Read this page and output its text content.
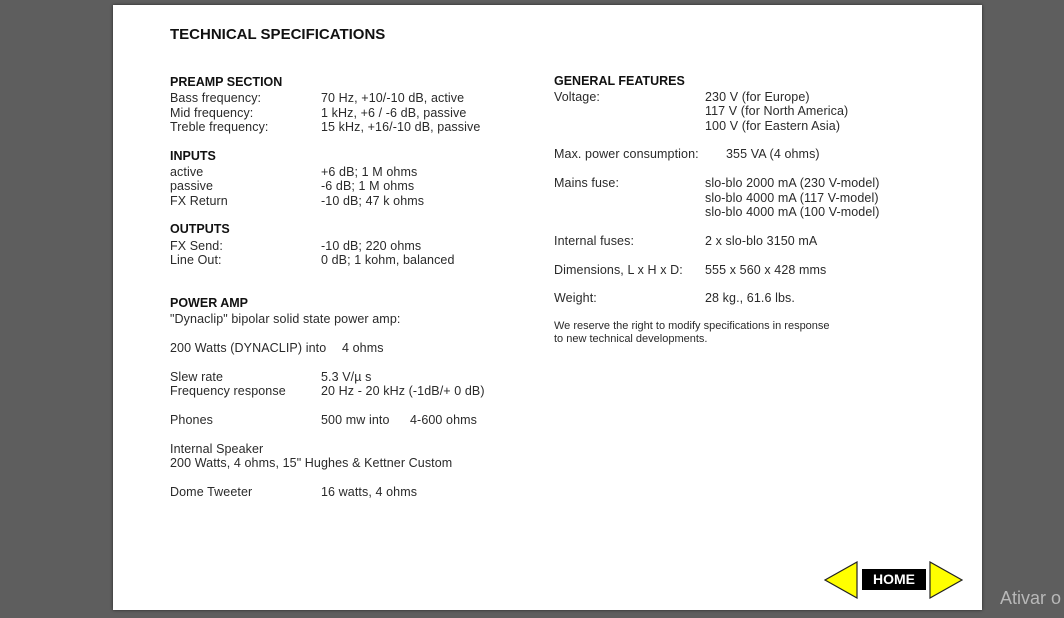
TECHNICAL SPECIFICATIONS
PREAMP SECTION
Bass frequency:	70 Hz, +10/-10 dB, active
Mid frequency:	1 kHz, +6 / -6 dB, passive
Treble frequency:	15 kHz, +16/-10 dB, passive
INPUTS
active	+6 dB; 1 M ohms
passive	-6 dB; 1 M ohms
FX Return	-10 dB; 47 k ohms
OUTPUTS
FX Send:	-10 dB; 220 ohms
Line Out:	0 dB; 1 kohm, balanced
POWER AMP
"Dynaclip" bipolar solid state power amp:
200 Watts (DYNACLIP) into 4 ohms
Slew rate	5.3 V/µ s
Frequency response	20 Hz - 20 kHz (-1dB/+ 0 dB)
Phones	500 mw into 4-600 ohms
Internal Speaker
200 Watts, 4 ohms, 15" Hughes & Kettner Custom
Dome Tweeter	16 watts, 4 ohms
GENERAL FEATURES
Voltage:	230 V (for Europe)
117 V (for North America)
100 V (for Eastern Asia)
Max. power consumption: 355 VA (4 ohms)
Mains fuse:	slo-blo 2000 mA (230 V-model)
slo-blo 4000 mA (117 V-model)
slo-blo 4000 mA (100 V-model)
Internal fuses:	2 x slo-blo 3150 mA
Dimensions, L x H x D: 555 x 560 x 428 mms
Weight:	28 kg., 61.6 lbs.
We reserve the right to modify specifications in response
to new technical developments.
HOME
Ativar o
